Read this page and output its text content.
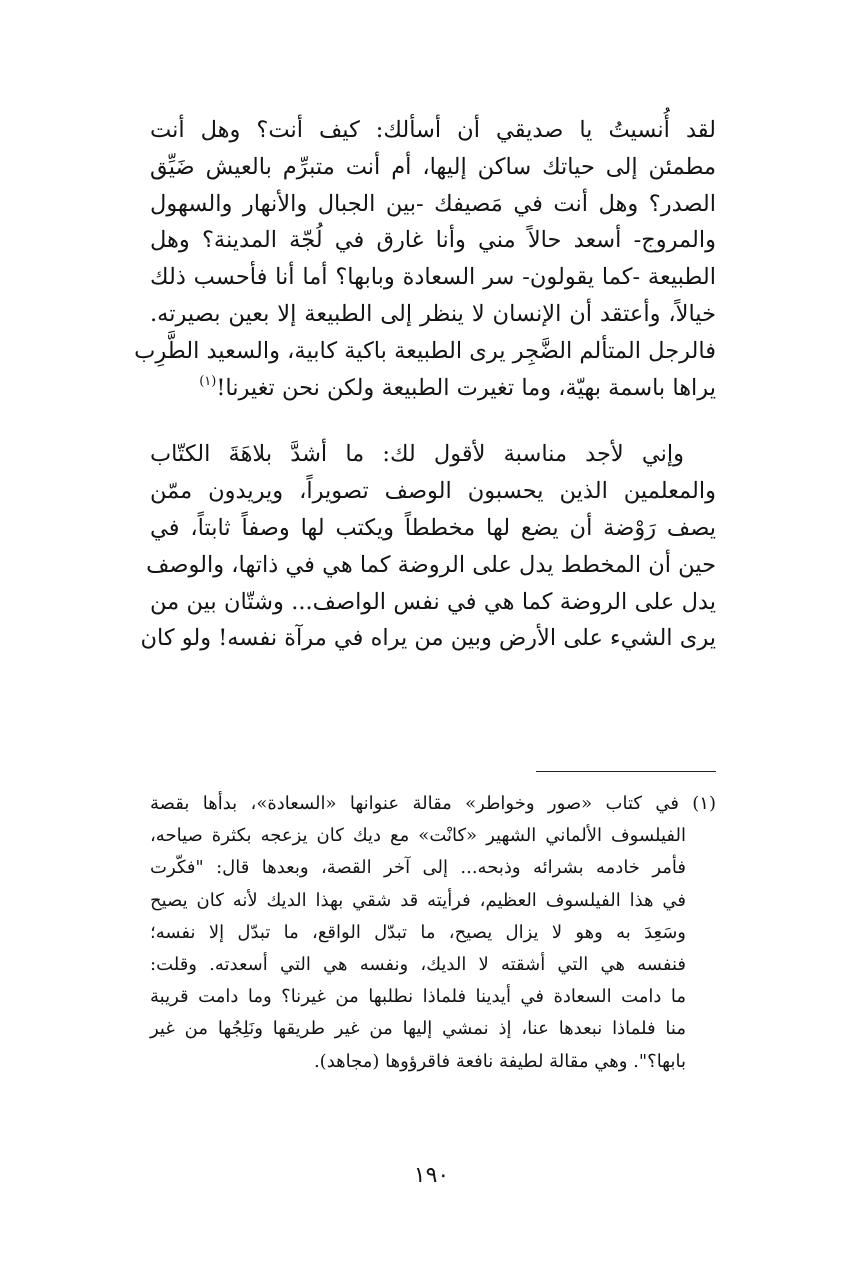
لقد أُنسيتُ يا صديقي أن أسألك: كيف أنت؟ وهل أنت
مطمئن إلى حياتك ساكن إليها، أم أنت متبرِّم بالعيش ضَيِّق
الصدر؟ وهل أنت في مَصيفك -بين الجبال والأنهار والسهول
والمروج- أسعد حالاً مني وأنا غارق في لُجّة المدينة؟ وهل
الطبيعة -كما يقولون- سر السعادة وبابها؟ أما أنا فأحسب ذلك
خيالاً، وأعتقد أن الإنسان لا ينظر إلى الطبيعة إلا بعين بصيرته.
فالرجل المتألم الضَّجِر يرى الطبيعة باكية كابية، والسعيد الطَّرِب
يراها باسمة بهيّة، وما تغيرت الطبيعة ولكن نحن تغيرنا!$^{(١)}$

وإني لأجد مناسبة لأقول لك: ما أشدَّ بلاهَةَ الكتّاب
والمعلمين الذين يحسبون الوصف تصويراً، ويريدون ممّن
يصف رَوْضة أن يضع لها مخططاً ويكتب لها وصفاً ثابتاً، في
حين أن المخطط يدل على الروضة كما هي في ذاتها، والوصف
يدل على الروضة كما هي في نفس الواصف... وشتّان بين من
يرى الشيء على الأرض وبين من يراه في مرآة نفسه! ولو كان

(١) في كتاب «صور وخواطر» مقالة عنوانها «السعادة»، بدأها بقصة
الفيلسوف الألماني الشهير «كانْت» مع ديك كان يزعجه بكثرة صياحه،
فأمر خادمه بشرائه وذبحه... إلى آخر القصة، وبعدها قال: "فكّرت
في هذا الفيلسوف العظيم، فرأيته قد شقي بهذا الديك لأنه كان يصيح
وسَعِدَ به وهو لا يزال يصيح، ما تبدّل الواقع، ما تبدّل إلا نفسه؛
فنفسه هي التي أشقته لا الديك، ونفسه هي التي أسعدته. وقلت:
ما دامت السعادة في أيدينا فلماذا نطلبها من غيرنا؟ وما دامت قريبة
منا فلماذا نبعدها عنا، إذ نمشي إليها من غير طريقها ونَلِجُها من غير
بابها؟". وهي مقالة لطيفة نافعة فاقرؤوها (مجاهد).
١٩٠
